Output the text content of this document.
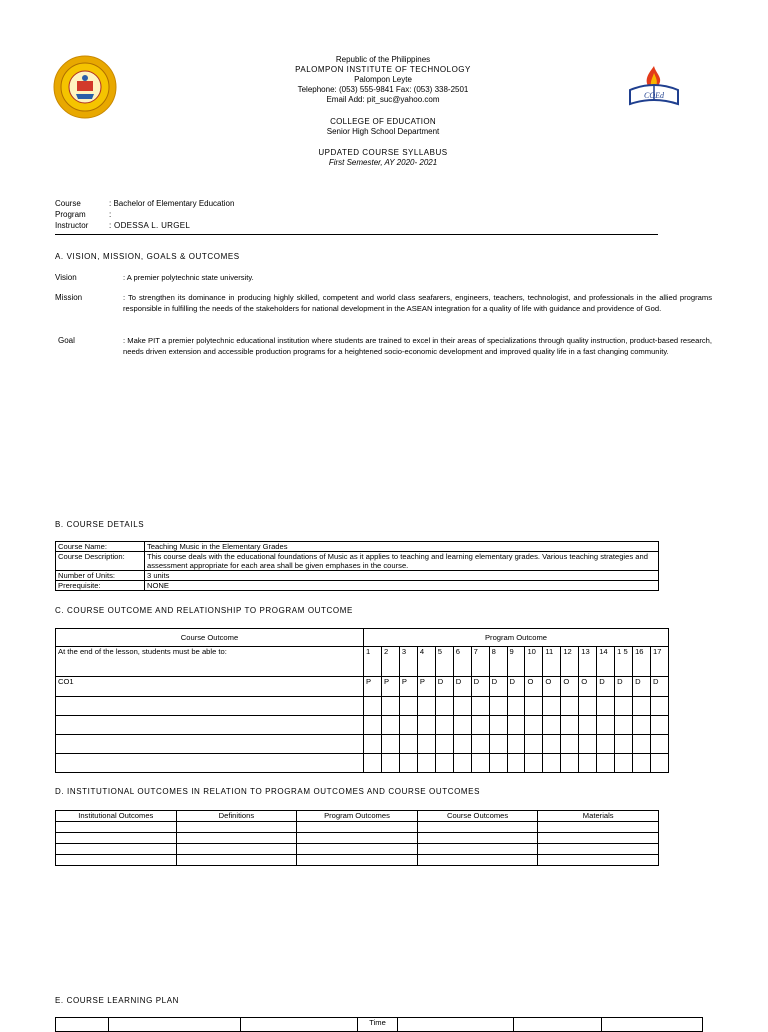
COEd
Republic of the Philippines
PALOMPON INSTITUTE OF TECHNOLOGY
Palompon Leyte
Telephone: (053) 555-9841 Fax: (053) 338-2501
Email Add: pit_suc@yahoo.com
COLLEGE OF EDUCATION
Senior High School Department
UPDATED COURSE SYLLABUS
First Semester, AY 2020- 2021
Course	: Bachelor of Elementary Education
Program	:
Instructor	: ODESSA L. URGEL
A. VISION, MISSION, GOALS & OUTCOMES
Vision	: A premier polytechnic state university.
Mission	: To strengthen its dominance in producing highly skilled, competent and world class seafarers, engineers, teachers, technologist, and professionals in the allied programs responsible in fulfilling the needs of the stakeholders for national development in the ASEAN integration for a quality of life with guidance and providence of God.
Goal	: Make PIT a premier polytechnic educational institution where students are trained to excel in their areas of specializations through quality instruction, product-based research, needs driven extension and accessible production programs for a heightened socio-economic development and improved quality life in a fast changing community.
B. COURSE DETAILS
Course Name:	Teaching Music in the Elementary Grades
Course Description:	This course deals with the educational foundations of Music as it applies to teaching and learning elementary grades. Various teaching strategies and assessment appropriate for each area shall be given emphases in the course.
Number of Units:	3 units
Prerequisite:	NONE
C. COURSE OUTCOME AND RELATIONSHIP TO PROGRAM OUTCOME
Course Outcome	Program Outcome																
At the end of the lesson, students must be able to:	1	2	3	4	5	6	7	8	9	10	11	12	13	14	1 5	16	17
CO1	P	P	P	P	D	D	D	D	D	O	O	O	O	D	D	D	D

D. INSTITUTIONAL OUTCOMES IN RELATION TO PROGRAM OUTCOMES AND COURSE OUTCOMES
Institutional Outcomes	Definitions	Program Outcomes	Course Outcomes	Materials

E. COURSE LEARNING PLAN
			Time			
